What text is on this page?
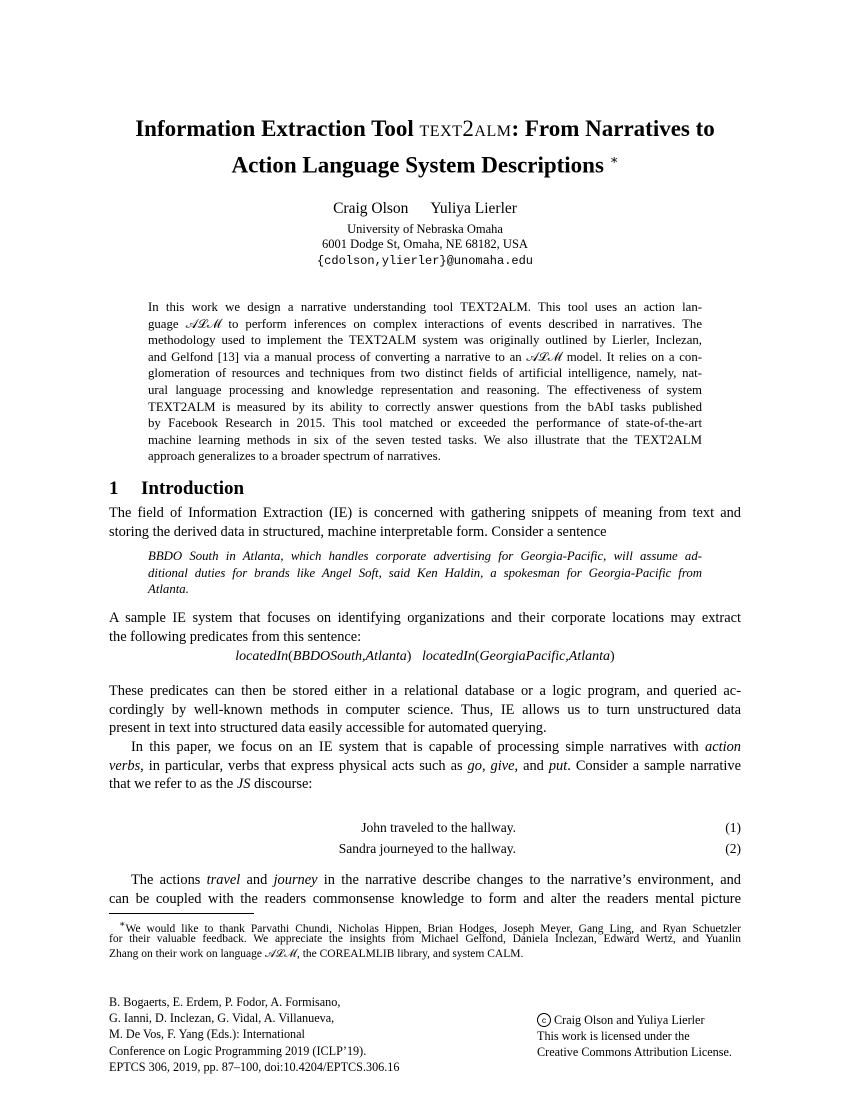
Information Extraction Tool text2alm: From Narratives to
Action Language System Descriptions ∗
Craig Olson Yuliya Lierler
University of Nebraska Omaha
6001 Dodge St, Omaha, NE 68182, USA
{cdolson,ylierler}@unomaha.edu
In this work we design a narrative understanding tool TEXT2ALM. This tool uses an action lan-
guage 𝒜ℒℳ to perform inferences on complex interactions of events described in narratives. The
methodology used to implement the TEXT2ALM system was originally outlined by Lierler, Inclezan,
and Gelfond [13] via a manual process of converting a narrative to an 𝒜ℒℳ model. It relies on a con-
glomeration of resources and techniques from two distinct fields of artificial intelligence, namely, nat-
ural language processing and knowledge representation and reasoning. The effectiveness of system
TEXT2ALM is measured by its ability to correctly answer questions from the bAbI tasks published
by Facebook Research in 2015. This tool matched or exceeded the performance of state-of-the-art
machine learning methods in six of the seven tested tasks. We also illustrate that the TEXT2ALM
approach generalizes to a broader spectrum of narratives.
1 Introduction
The field of Information Extraction (IE) is concerned with gathering snippets of meaning from text and
storing the derived data in structured, machine interpretable form. Consider a sentence
BBDO South in Atlanta, which handles corporate advertising for Georgia-Pacific, will assume ad-
ditional duties for brands like Angel Soft, said Ken Haldin, a spokesman for Georgia-Pacific from
Atlanta.
A sample IE system that focuses on identifying organizations and their corporate locations may extract
the following predicates from this sentence:
locatedIn(BBDOSouth,Atlanta) locatedIn(GeorgiaPacific,Atlanta)
These predicates can then be stored either in a relational database or a logic program, and queried ac-
cordingly by well-known methods in computer science. Thus, IE allows us to turn unstructured data
present in text into structured data easily accessible for automated querying.
In this paper, we focus on an IE system that is capable of processing simple narratives with action
verbs, in particular, verbs that express physical acts such as go, give, and put. Consider a sample narrative
that we refer to as the JS discourse:
John traveled to the hallway.	(1)
Sandra journeyed to the hallway.	(2)
The actions travel and journey in the narrative describe changes to the narrative’s environment, and
can be coupled with the readers commonsense knowledge to form and alter the readers mental picture
∗We would like to thank Parvathi Chundi, Nicholas Hippen, Brian Hodges, Joseph Meyer, Gang Ling, and Ryan Schuetzler
for their valuable feedback. We appreciate the insights from Michael Gelfond, Daniela Inclezan, Edward Wertz, and Yuanlin
Zhang on their work on language 𝒜ℒℳ, the COREALMLIB library, and system CALM.
B. Bogaerts, E. Erdem, P. Fodor, A. Formisano,
G. Ianni, D. Inclezan, G. Vidal, A. Villanueva,
M. De Vos, F. Yang (Eds.): International
Conference on Logic Programming 2019 (ICLP’19).
EPTCS 306, 2019, pp. 87–100, doi:10.4204/EPTCS.306.16
c Craig Olson and Yuliya Lierler
This work is licensed under the
Creative Commons Attribution License.
